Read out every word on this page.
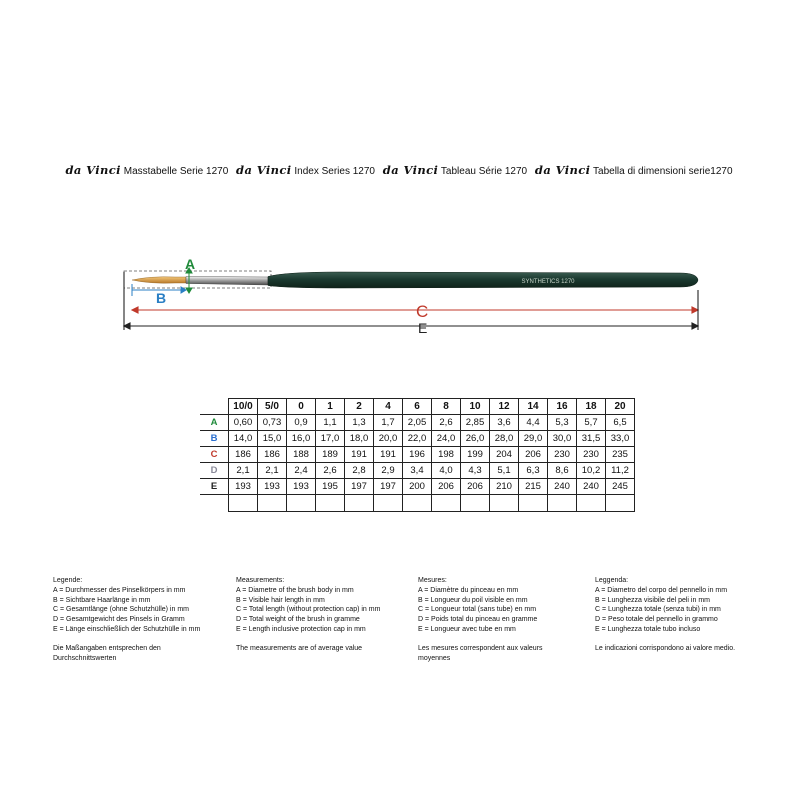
da Vinci Masstabelle Serie 1270 da Vinci Index Series 1270 da Vinci Tableau Série 1270 da Vinci Tabella di dimensioni serie1270
SYNTHETICS 1270
A
B
C
E
	10/0	5/0	0	1	2	4	6	8	10	12	14	16	18	20
A	0,60	0,73	0,9	1,1	1,3	1,7	2,05	2,6	2,85	3,6	4,4	5,3	5,7	6,5
B	14,0	15,0	16,0	17,0	18,0	20,0	22,0	24,0	26,0	28,0	29,0	30,0	31,5	33,0
C	186	186	188	189	191	191	196	198	199	204	206	230	230	235
D	2,1	2,1	2,4	2,6	2,8	2,9	3,4	4,0	4,3	5,1	6,3	8,6	10,2	11,2
E	193	193	193	195	197	197	200	206	206	210	215	240	240	245

Legende:
A = Durchmesser des Pinselkörpers in mm
B = Sichtbare Haarlänge in mm
C = Gesamtlänge (ohne Schutzhülle) in mm
D = Gesamtgewicht des Pinsels in Gramm
E = Länge einschließlich der Schutzhülle in mm
Die Maßangaben entsprechen den
Durchschnittswerten
Measurements:
A = Diametre of the brush body in mm
B = Visible hair length in mm
C = Total length (without protection cap) in mm
D = Total weight of the brush in gramme
E = Length inclusive protection cap in mm
The measurements are of average value
Mesures:
A = Diamètre du pinceau en mm
B = Longueur du poil visible en mm
C = Longueur total (sans tube) en mm
D = Poids total du pinceau en gramme
E = Longueur avec tube en mm
Les mesures correspondent aux valeurs
moyennes
Leggenda:
A = Diametro del corpo del pennello in mm
B = Lunghezza visibile del peli in mm
C = Lunghezza totale (senza tubi) in mm
D = Peso totale del pennello in grammo
E = Lunghezza totale tubo incluso
Le indicazioni corrispondono ai valore medio.
